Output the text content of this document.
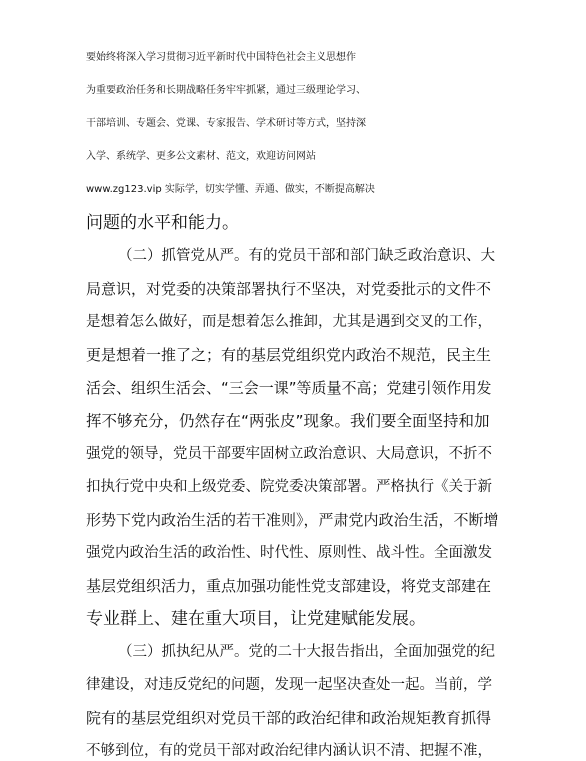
要始终将深入学习贯彻习近平新时代中国特色社会主义思想作
为重要政治任务和长期战略任务牢牢抓紧，通过三级理论学习、
干部培训、专题会、党课、专家报告、学术研讨等方式，坚持深
入学、系统学、更多公文素材、范文，欢迎访问网站
www.zg123.vip 实际学，切实学懂、弄通、做实，不断提高解决
问题的水平和能力。
（二）抓管党从严。有的党员干部和部门缺乏政治意识、大
局意识，对党委的决策部署执行不坚决，对党委批示的文件不
是想着怎么做好，而是想着怎么推卸，尤其是遇到交叉的工作，
更是想着一推了之；有的基层党组织党内政治不规范，民主生
活会、组织生活会、“三会一课”等质量不高；党建引领作用发
挥不够充分，仍然存在“两张皮”现象。我们要全面坚持和加
强党的领导，党员干部要牢固树立政治意识、大局意识，不折不
扣执行党中央和上级党委、院党委决策部署。严格执行《关于新
形势下党内政治生活的若干准则》，严肃党内政治生活，不断增
强党内政治生活的政治性、时代性、原则性、战斗性。全面激发
基层党组织活力，重点加强功能性党支部建设，将党支部建在
专业群上、建在重大项目，让党建赋能发展。
（三）抓执纪从严。党的二十大报告指出，全面加强党的纪
律建设，对违反党纪的问题，发现一起坚决查处一起。当前，学
院有的基层党组织对党员干部的政治纪律和政治规矩教育抓得
不够到位，有的党员干部对政治纪律内涵认识不清、把握不准，
